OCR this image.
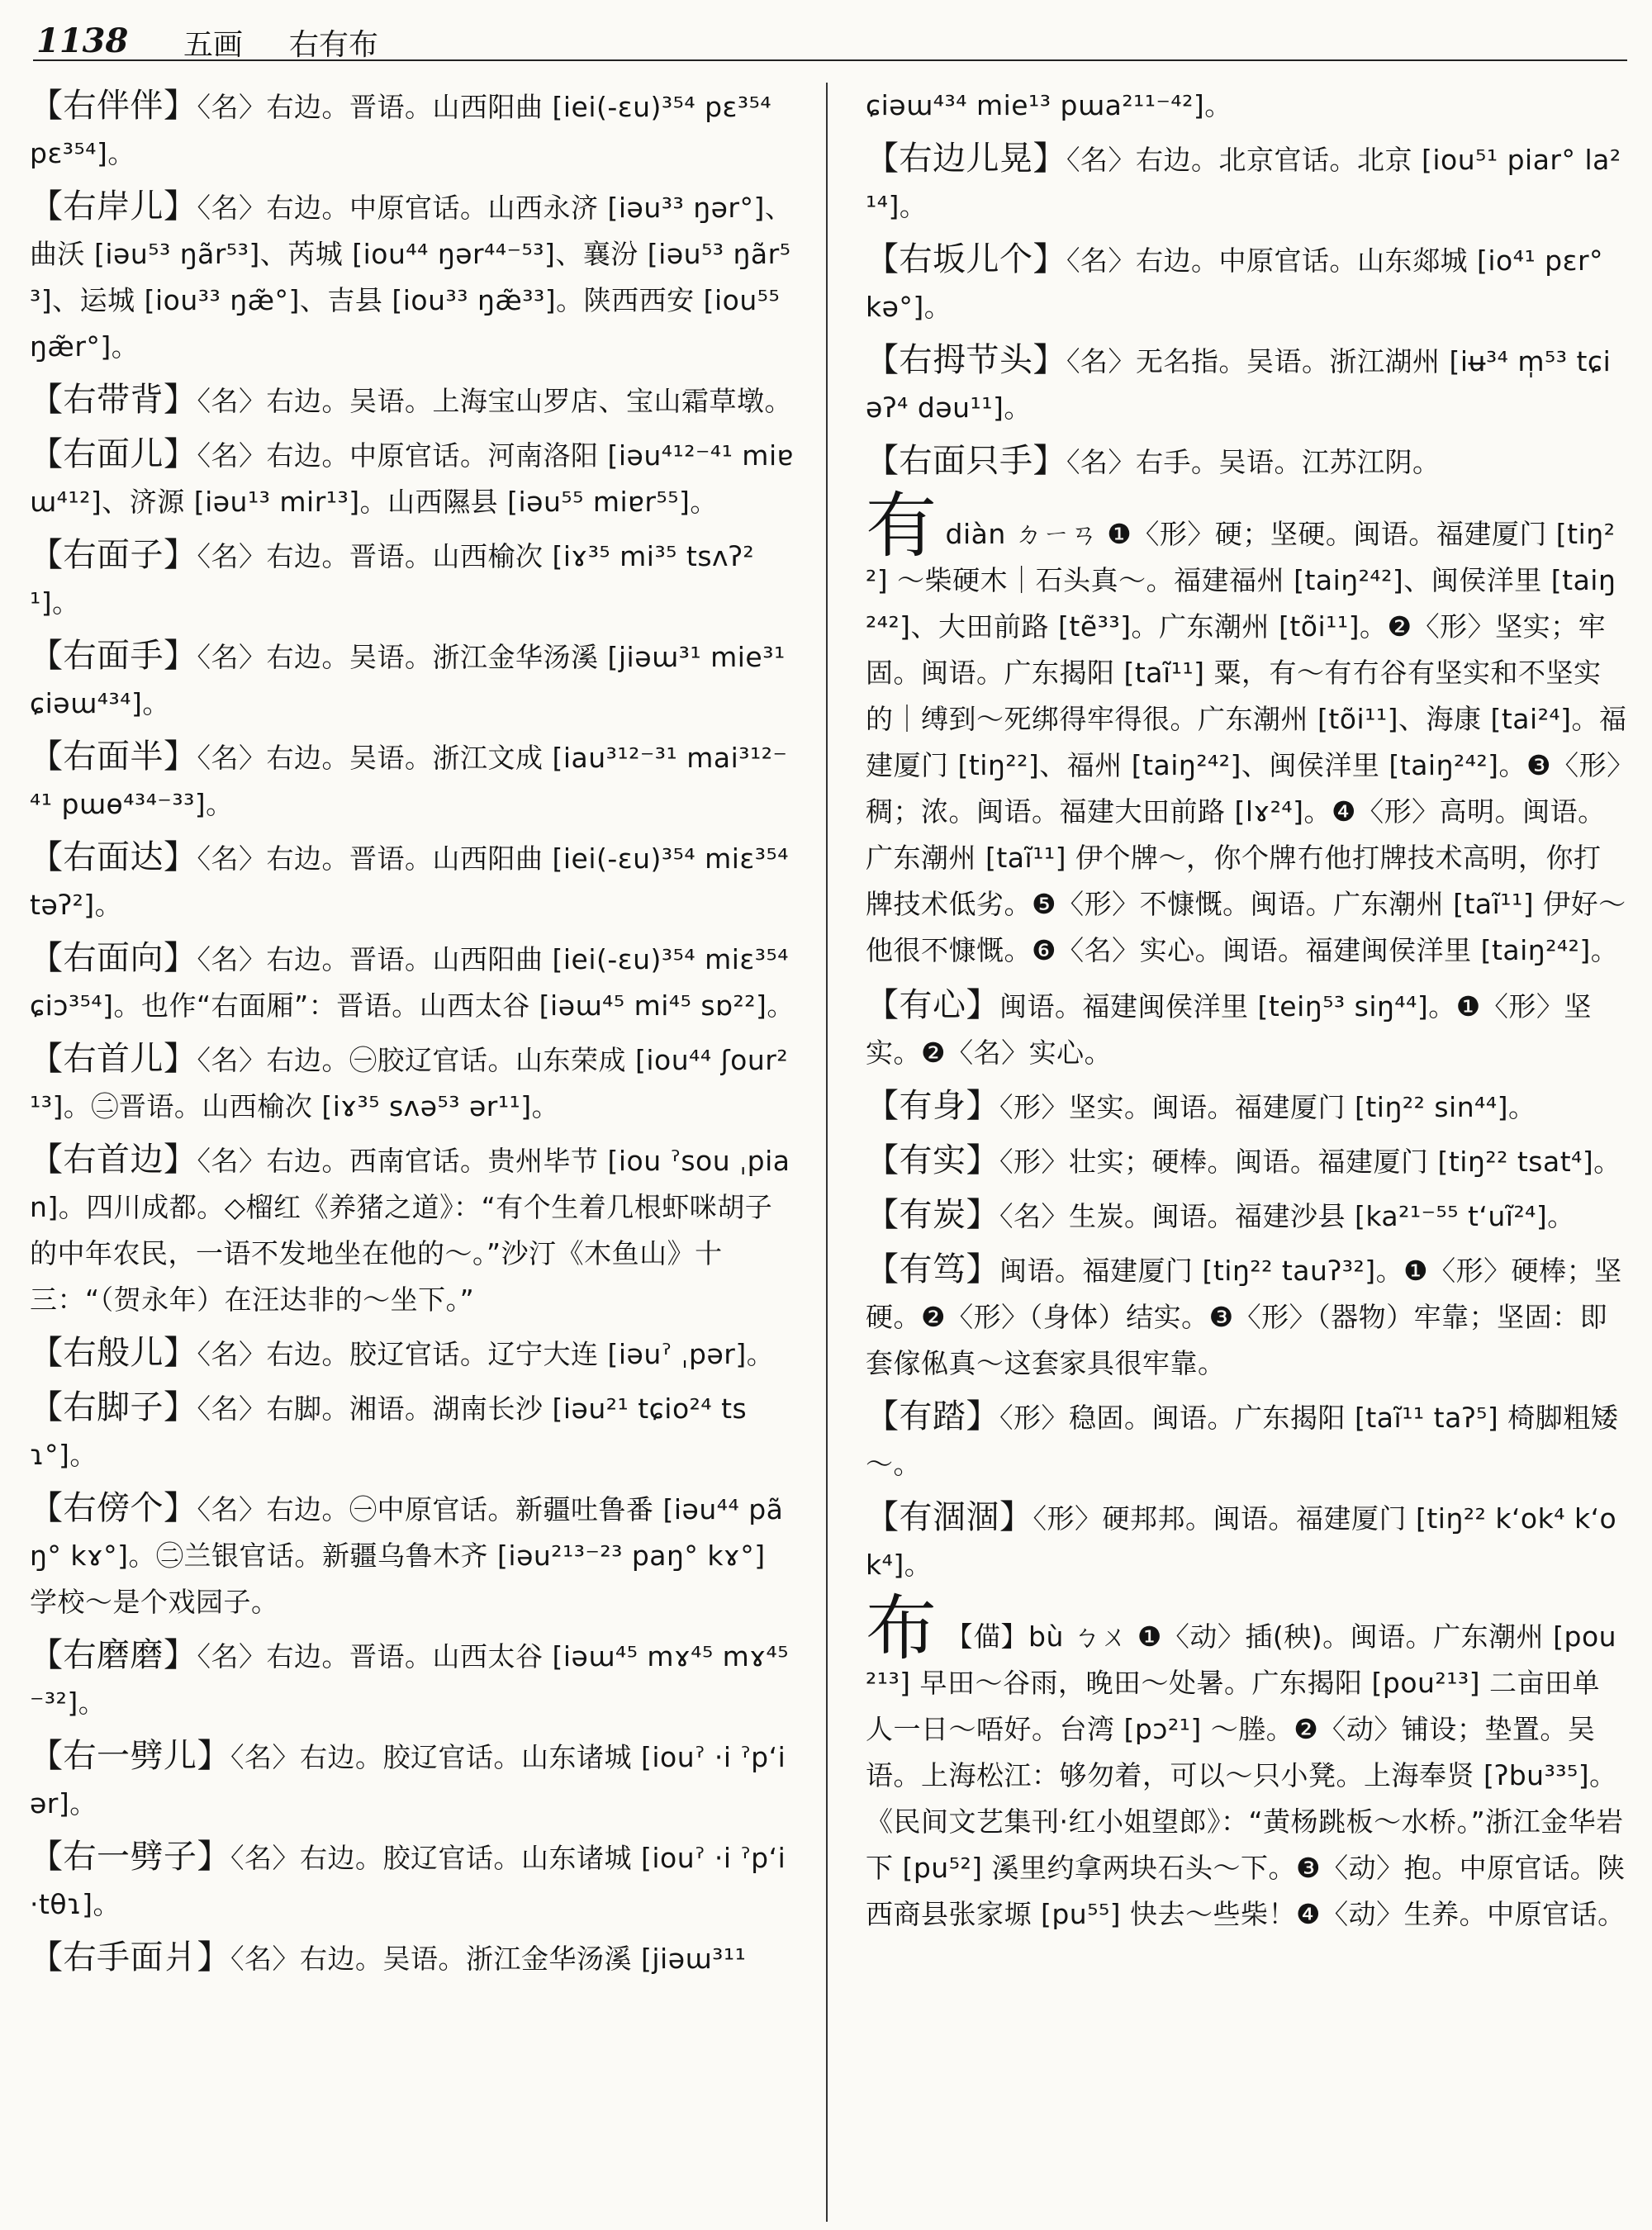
1138 五画 右有布
【右伴伴】〈名〉右边。晋语。山西阳曲 [iei(-ɛu)³⁵⁴ pɛ³⁵⁴ pɛ³⁵⁴]。
【右岸儿】〈名〉右边。中原官话。山西永济 [iəu³³ ŋər°]、曲沃 [iəu⁵³ ŋãr⁵³]、芮城 [iou⁴⁴ ŋər⁴⁴⁻⁵³]、襄汾 [iəu⁵³ ŋãr⁵³]、运城 [iou³³ ŋæ̃°]、吉县 [iou³³ ŋæ̃³³]。陕西西安 [iou⁵⁵ ŋæ̃r°]。
【右带背】〈名〉右边。吴语。上海宝山罗店、宝山霜草墩。
【右面儿】〈名〉右边。中原官话。河南洛阳 [iəu⁴¹²⁻⁴¹ miɐɯ⁴¹²]、济源 [iəu¹³ mir¹³]。山西隰县 [iəu⁵⁵ miɐr⁵⁵]。
【右面子】〈名〉右边。晋语。山西榆次 [iɤ³⁵ mi³⁵ tsʌʔ²¹]。
【右面手】〈名〉右边。吴语。浙江金华汤溪 [jiəɯ³¹ mie³¹ ɕiəɯ⁴³⁴]。
【右面半】〈名〉右边。吴语。浙江文成 [iau³¹²⁻³¹ mai³¹²⁻⁴¹ pɯɵ⁴³⁴⁻³³]。
【右面达】〈名〉右边。晋语。山西阳曲 [iei(-ɛu)³⁵⁴ miɛ³⁵⁴ təʔ²]。
【右面向】〈名〉右边。晋语。山西阳曲 [iei(-ɛu)³⁵⁴ miɛ³⁵⁴ ɕiɔ³⁵⁴]。也作“右面厢”：晋语。山西太谷 [iəɯ⁴⁵ mi⁴⁵ sɒ²²]。
【右首儿】〈名〉右边。㊀胶辽官话。山东荣成 [iou⁴⁴ ʃour²¹³]。㊁晋语。山西榆次 [iɤ³⁵ sʌə⁵³ ər¹¹]。
【右首边】〈名〉右边。西南官话。贵州毕节 [iou ˀsou ˌpian]。四川成都。◇榴红《养猪之道》：“有个生着几根虾咪胡子的中年农民，一语不发地坐在他的～。”沙汀《木鱼山》十三：“（贺永年）在汪达非的～坐下。”
【右般儿】〈名〉右边。胶辽官话。辽宁大连 [iəuˀ ˌpər]。
【右脚子】〈名〉右脚。湘语。湖南长沙 [iəu²¹ tɕio²⁴ tsɿ°]。
【右傍个】〈名〉右边。㊀中原官话。新疆吐鲁番 [iəu⁴⁴ pãŋ° kɤ°]。㊁兰银官话。新疆乌鲁木齐 [iəu²¹³⁻²³ paŋ° kɤ°] 学校～是个戏园子。
【右磨磨】〈名〉右边。晋语。山西太谷 [iəɯ⁴⁵ mɤ⁴⁵ mɤ⁴⁵⁻³²]。
【右一劈儿】〈名〉右边。胶辽官话。山东诸城 [iouˀ ·i ˀpʻiər]。
【右一劈子】〈名〉右边。胶辽官话。山东诸城 [iouˀ ·i ˀpʻi ·tθɿ]。
【右手面爿】〈名〉右边。吴语。浙江金华汤溪 [jiəɯ³¹¹
ɕiəɯ⁴³⁴ mie¹³ pɯa²¹¹⁻⁴²]。
【右边儿晃】〈名〉右边。北京官话。北京 [iou⁵¹ piar° la²¹⁴]。
【右坂儿个】〈名〉右边。中原官话。山东郯城 [io⁴¹ pɛr° kə°]。
【右拇节头】〈名〉无名指。吴语。浙江湖州 [iʉ³⁴ m̩⁵³ tɕiəʔ⁴ dəu¹¹]。
【右面只手】〈名〉右手。吴语。江苏江阴。
有diàn ㄉㄧㄢ ❶〈形〉硬；坚硬。闽语。福建厦门 [tiŋ²²] ～柴硬木｜石头真～。福建福州 [taiŋ²⁴²]、闽侯洋里 [taiŋ²⁴²]、大田前路 [tẽ³³]。广东潮州 [tõi¹¹]。❷〈形〉坚实；牢固。闽语。广东揭阳 [taĩ¹¹] 粟，有～有冇谷有坚实和不坚实的｜缚到～死绑得牢得很。广东潮州 [tõi¹¹]、海康 [tai²⁴]。福建厦门 [tiŋ²²]、福州 [taiŋ²⁴²]、闽侯洋里 [taiŋ²⁴²]。❸〈形〉稠；浓。闽语。福建大田前路 [lɤ²⁴]。❹〈形〉高明。闽语。广东潮州 [taĩ¹¹] 伊个牌～，你个牌冇他打牌技术高明，你打牌技术低劣。❺〈形〉不慷慨。闽语。广东潮州 [taĩ¹¹] 伊好～他很不慷慨。❻〈名〉实心。闽语。福建闽侯洋里 [taiŋ²⁴²]。
【有心】闽语。福建闽侯洋里 [teiŋ⁵³ siŋ⁴⁴]。❶〈形〉坚实。❷〈名〉实心。
【有身】〈形〉坚实。闽语。福建厦门 [tiŋ²² sin⁴⁴]。
【有实】〈形〉壮实；硬棒。闽语。福建厦门 [tiŋ²² tsat⁴]。
【有炭】〈名〉生炭。闽语。福建沙县 [ka²¹⁻⁵⁵ tʻuĩ²⁴]。
【有笃】闽语。福建厦门 [tiŋ²² tauʔ³²]。❶〈形〉硬棒；坚硬。❷〈形〉（身体）结实。❸〈形〉（器物）牢靠；坚固：即套傢俬真～这套家具很牢靠。
【有踏】〈形〉稳固。闽语。广东揭阳 [taĩ¹¹ taʔ⁵] 椅脚粗矮～。
【有涸涸】〈形〉硬邦邦。闽语。福建厦门 [tiŋ²² kʻok⁴ kʻok⁴]。
布 【㑤】bù ㄅㄨ ❶〈动〉插(秧)。闽语。广东潮州 [pou²¹³] 早田～谷雨，晚田～处暑。广东揭阳 [pou²¹³] 二亩田单人一日～唔好。台湾 [pɔ²¹] ～塍。❷〈动〉铺设；垫置。吴语。上海松江：够勿着，可以～只小凳。上海奉贤 [ʔbu³³⁵]。《民间文艺集刊·红小姐望郎》：“黄杨跳板～水桥。”浙江金华岩下 [pu⁵²] 溪里约拿两块石头～下。❸〈动〉抱。中原官话。陕西商县张家塬 [pu⁵⁵] 快去～些柴！❹〈动〉生养。中原官话。
